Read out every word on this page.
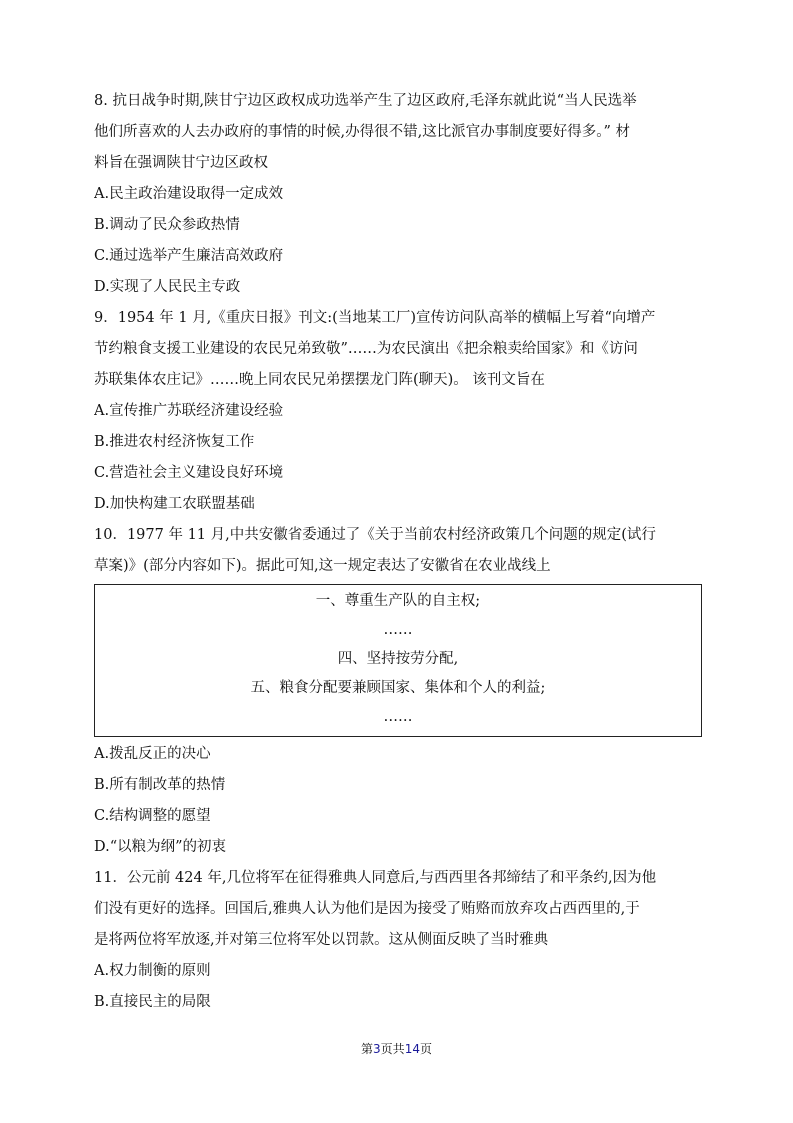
8. 抗日战争时期,陕甘宁边区政权成功选举产生了边区政府,毛泽东就此说“当人民选举
他们所喜欢的人去办政府的事情的时候,办得很不错,这比派官办事制度要好得多。” 材
料旨在强调陕甘宁边区政权
A.民主政治建设取得一定成效
B.调动了民众参政热情
C.通过选举产生廉洁高效政府
D.实现了人民民主专政
9．1954 年 1 月,《重庆日报》刊文:(当地某工厂)宣传访问队高举的横幅上写着“向增产
节约粮食支援工业建设的农民兄弟致敬”……为农民演出《把余粮卖给国家》和《访问
苏联集体农庄记》……晚上同农民兄弟摆摆龙门阵(聊天)。 该刊文旨在
A.宣传推广苏联经济建设经验
B.推进农村经济恢复工作
C.营造社会主义建设良好环境
D.加快构建工农联盟基础
10．1977 年 11 月,中共安徽省委通过了《关于当前农村经济政策几个问题的规定(试行
草案)》(部分内容如下)。据此可知,这一规定表达了安徽省在农业战线上
一、尊重生产队的自主权;
……
四、坚持按劳分配,
五、粮食分配要兼顾国家、集体和个人的利益;
……
A.拨乱反正的决心
B.所有制改革的热情
C.结构调整的愿望
D.“以粮为纲”的初衷
11．公元前 424 年,几位将军在征得雅典人同意后,与西西里各邦缔结了和平条约,因为他
们没有更好的选择。回国后,雅典人认为他们是因为接受了贿赂而放弃攻占西西里的,于
是将两位将军放逐,并对第三位将军处以罚款。这从侧面反映了当时雅典
A.权力制衡的原则
B.直接民主的局限
第3页共14页
